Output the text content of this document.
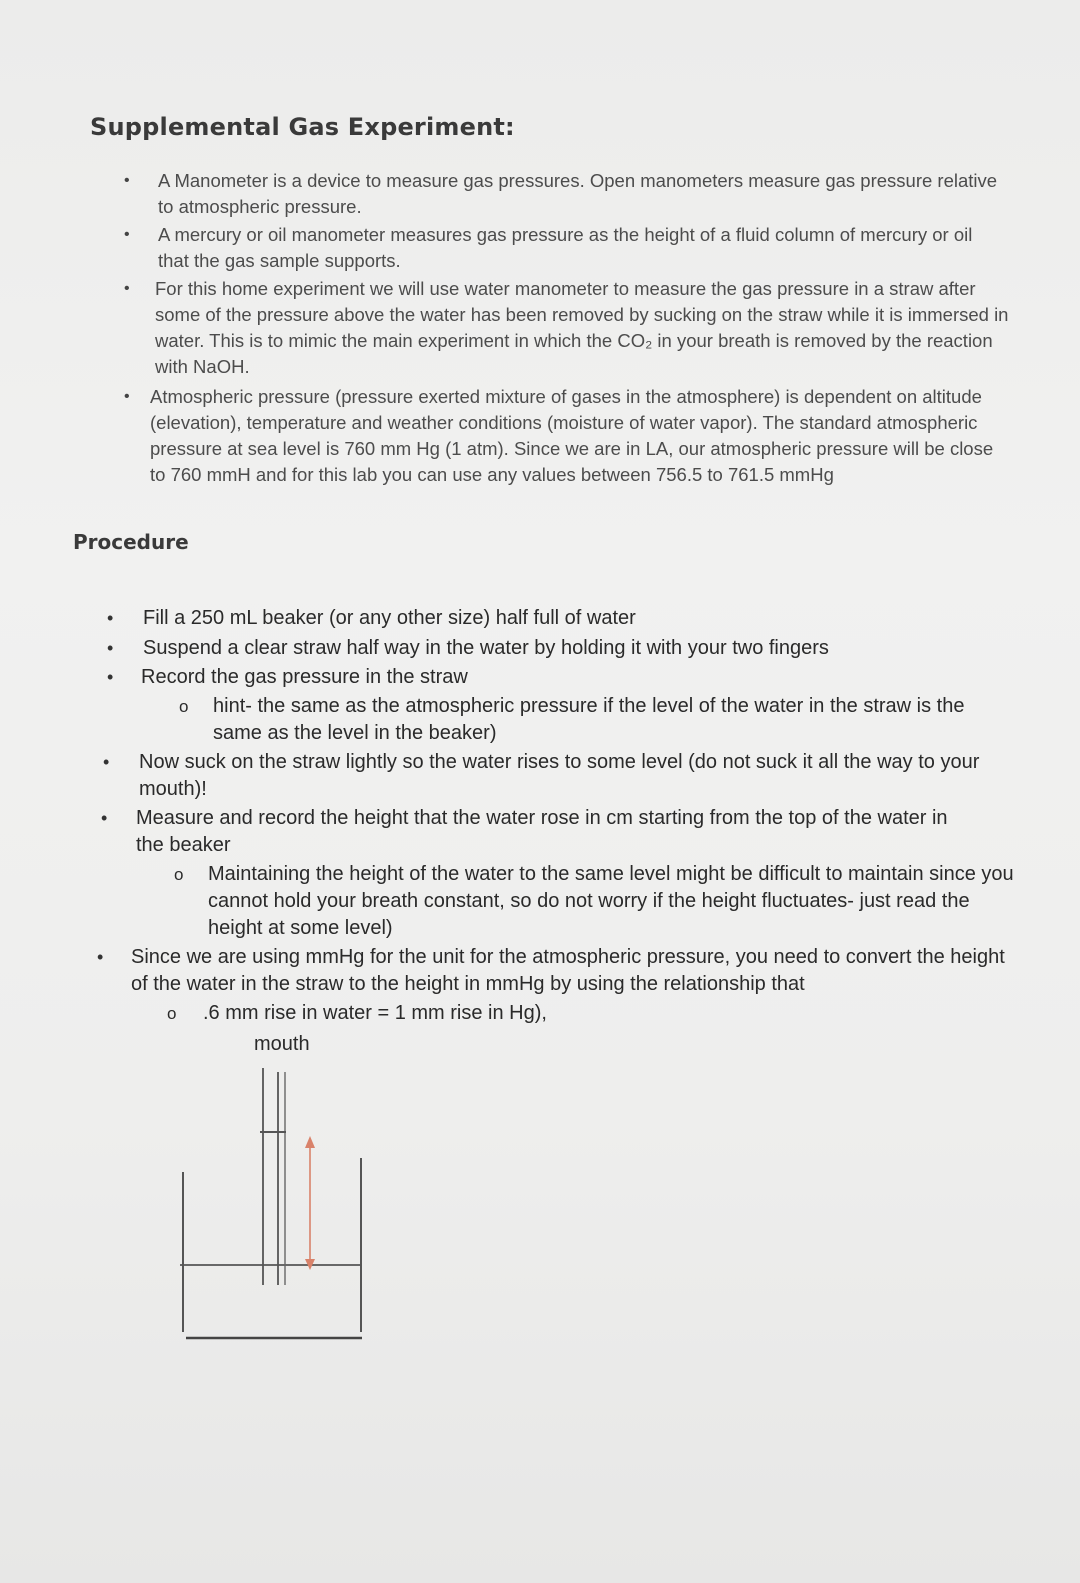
Supplemental Gas Experiment:
• A Manometer is a device to measure gas pressures. Open manometers measure gas pressure relative to atmospheric pressure.
• A mercury or oil manometer measures gas pressure as the height of a fluid column of mercury or oil that the gas sample supports.
• For this home experiment we will use water manometer to measure the gas pressure in a straw after some of the pressure above the water has been removed by sucking on the straw while it is immersed in water. This is to mimic the main experiment in which the CO₂ in your breath is removed by the reaction with NaOH.
• Atmospheric pressure (pressure exerted mixture of gases in the atmosphere) is dependent on altitude (elevation), temperature and weather conditions (moisture of water vapor). The standard atmospheric pressure at sea level is 760 mm Hg (1 atm). Since we are in LA, our atmospheric pressure will be close to 760 mmH and for this lab you can use any values between 756.5 to 761.5 mmHg
Procedure
• Fill a 250 mL beaker (or any other size) half full of water
• Suspend a clear straw half way in the water by holding it with your two fingers
• Record the gas pressure in the straw
o hint- the same as the atmospheric pressure if the level of the water in the straw is the same as the level in the beaker)
• Now suck on the straw lightly so the water rises to some level (do not suck it all the way to your mouth)!
• Measure and record the height that the water rose in cm starting from the top of the water in the beaker
o Maintaining the height of the water to the same level might be difficult to maintain since you cannot hold your breath constant, so do not worry if the height fluctuates- just read the height at some level)
• Since we are using mmHg for the unit for the atmospheric pressure, you need to convert the height of the water in the straw to the height in mmHg by using the relationship that
o .6 mm rise in water = 1 mm rise in Hg),
mouth
